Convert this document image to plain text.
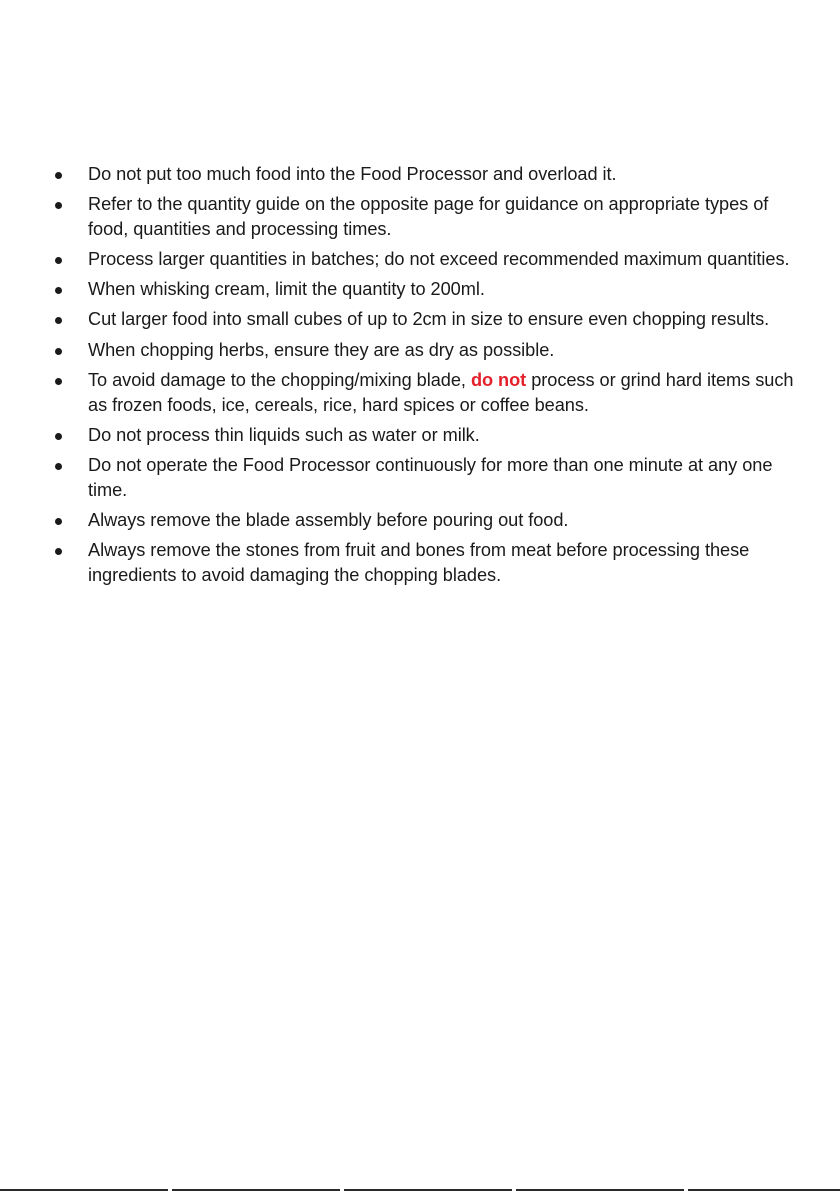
Do not put too much food into the Food Processor and overload it.
Refer to the quantity guide on the opposite page for guidance on appropriate types of food, quantities and processing times.
Process larger quantities in batches; do not exceed recommended maximum quantities.
When whisking cream, limit the quantity to 200ml.
Cut larger food into small cubes of up to 2cm in size to ensure even chopping results.
When chopping herbs, ensure they are as dry as possible.
To avoid damage to the chopping/mixing blade, do not process or grind hard items such as frozen foods, ice, cereals, rice, hard spices or coffee beans.
Do not process thin liquids such as water or milk.
Do not operate the Food Processor continuously for more than one minute at any one time.
Always remove the blade assembly before pouring out food.
Always remove the stones from fruit and bones from meat before processing these ingredients to avoid damaging the chopping blades.
